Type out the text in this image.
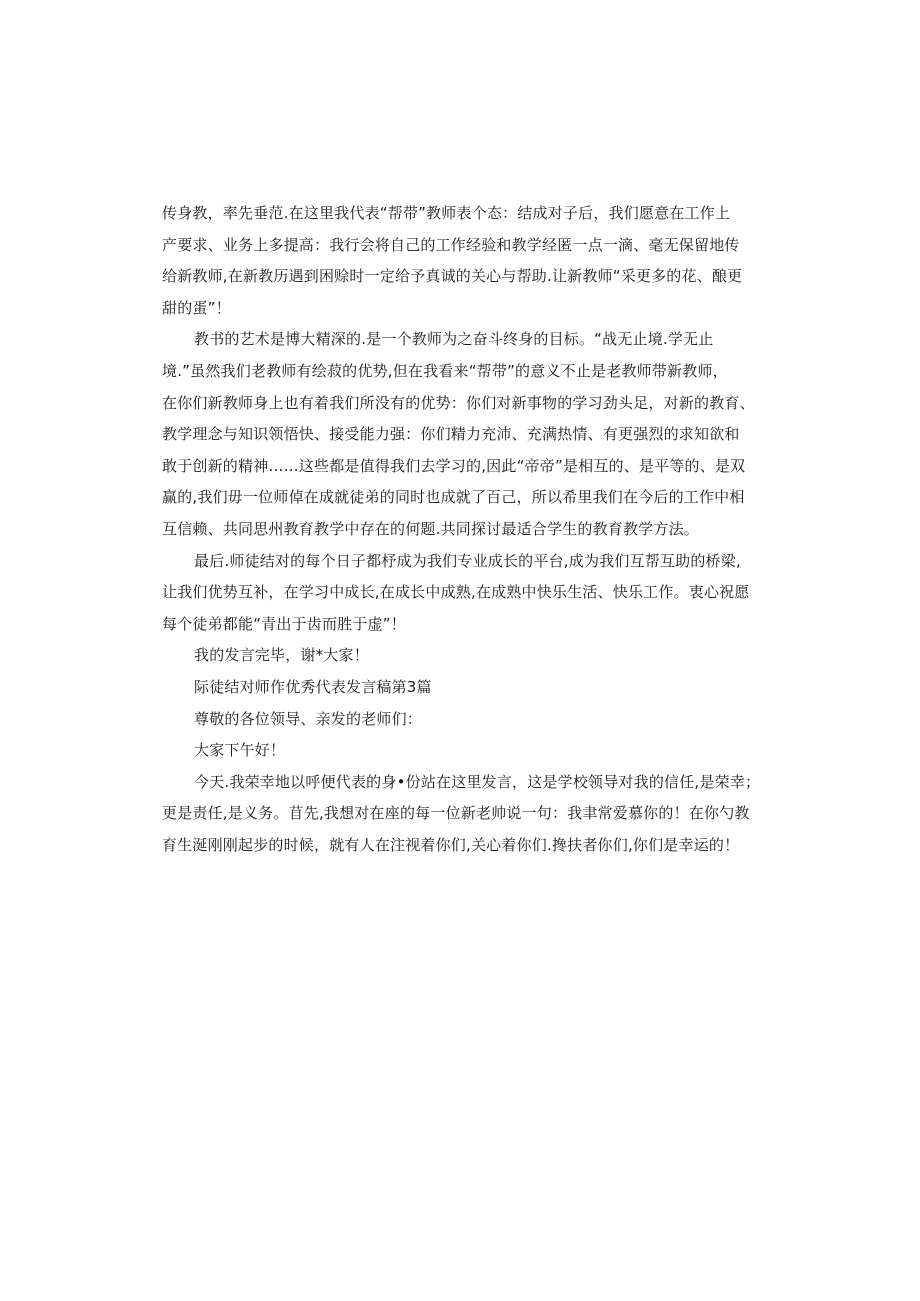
传身教，率先垂范.在这里我代表“帮带”教师表个态：结成对子后，我们愿意在工作上
产要求、业务上多提高：我行会将自己的工作经验和教学经匿一点一滴、毫无保留地传
给新教师,在新教历遇到困赊时一定给予真诚的关心与帮助.让新教师“采更多的花、酿更
甜的蛋”！
教书的艺术是博大精深的.是一个教师为之奋斗终身的目标。“战无止境.学无止
境.”虽然我们老教师有绘菽的优势,但在我看来“帮带”的意义不止是老教师带新教师，
在你们新教师身上也有着我们所没有的优势：你们对新事物的学习劲头足，对新的教育、
教学理念与知识领悟快、接受能力强：你们精力充沛、充满热情、有更强烈的求知欲和
敢于创新的精神……这些都是值得我们去学习的,因此“帝帝”是相互的、是平等的、是双
赢的,我们毋一位师倬在成就徒弟的同时也成就了百己，所以希里我们在今后的工作中相
互信赖、共同思州教育教学中存在的何题.共同探讨最适合学生的教育教学方法。
最后.师徒结对的每个日子都杼成为我们专业成长的平台,成为我们互帮互助的桥梁,
让我们优势互补，在学习中成长,在成长中成熟,在成熟中快乐生活、快乐工作。衷心祝愿
每个徒弟都能“青出于齿而胜于虚”！
我的发言完毕，谢*大家！
际徒结对师作优秀代表发言稿第3篇
尊敬的各位领导、亲发的老师们：
大家下午好！
今天.我荣幸地以呼便代表的身•份站在这里发言，这是学校领导对我的信任,是荣幸；
更是责任,是义务。苜先,我想对在座的每一位新老帅说一句：我聿常爱慕你的！在你勺教
育生涎刚刚起步的时候，就有人在注视着你们,关心着你们.搀扶者你们,你们是幸运的！
